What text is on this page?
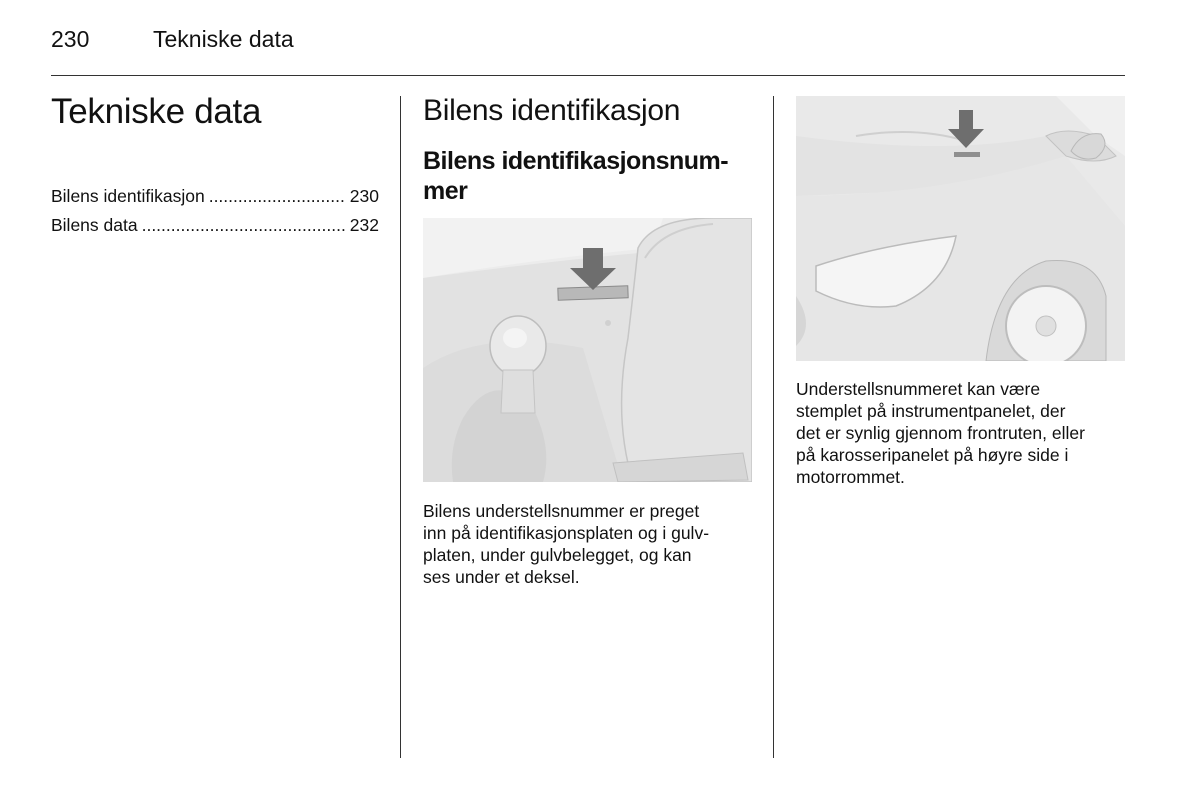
230	Tekniske data
Tekniske data
Bilens identifikasjon .....	230
Bilens data .....	232
Bilens identifikasjon
Bilens identifikasjonsnum-
mer
Bilens understellsnummer er preget
inn på identifikasjonsplaten og i gulv-
platen, under gulvbelegget, og kan
ses under et deksel.
Understellsnummeret kan være
stemplet på instrumentpanelet, der
det er synlig gjennom frontruten, eller
på karosseripanelet på høyre side i
motorrommet.
